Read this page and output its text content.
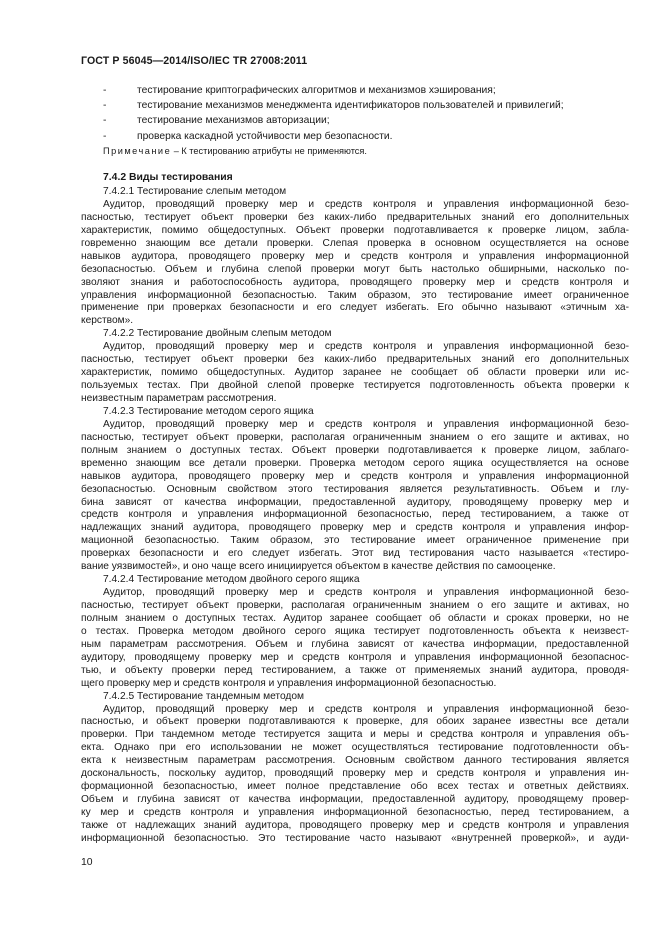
ГОСТ Р 56045—2014/ISO/IEC TR 27008:2011
-	тестирование криптографических алгоритмов и механизмов хэширования;
-	тестирование механизмов менеджмента идентификаторов пользователей и привилегий;
-	тестирование механизмов авторизации;
-	проверка каскадной устойчивости мер безопасности.
Примечание – К тестированию атрибуты не применяются.
7.4.2 Виды тестирования
7.4.2.1 Тестирование слепым методом
Аудитор, проводящий проверку мер и средств контроля и управления информационной безо-
пасностью, тестирует объект проверки без каких-либо предварительных знаний его дополнительных
характеристик, помимо общедоступных. Объект проверки подготавливается к проверке лицом, забла-
говременно знающим все детали проверки. Слепая проверка в основном осуществляется на основе
навыков аудитора, проводящего проверку мер и средств контроля и управления информационной
безопасностью. Объем и глубина слепой проверки могут быть настолько обширными, насколько по-
зволяют знания и работоспособность аудитора, проводящего проверку мер и средств контроля и
управления информационной безопасностью. Таким образом, это тестирование имеет ограниченное
применение при проверках безопасности и его следует избегать. Его обычно называют «этичным ха-
керством».
7.4.2.2 Тестирование двойным слепым методом
Аудитор, проводящий проверку мер и средств контроля и управления информационной безо-
пасностью, тестирует объект проверки без каких-либо предварительных знаний его дополнительных
характеристик, помимо общедоступных. Аудитор заранее не сообщает об области проверки или ис-
пользуемых тестах. При двойной слепой проверке тестируется подготовленность объекта проверки к
неизвестным параметрам рассмотрения.
7.4.2.3 Тестирование методом серого ящика
Аудитор, проводящий проверку мер и средств контроля и управления информационной безо-
пасностью, тестирует объект проверки, располагая ограниченным знанием о его защите и активах, но
полным знанием о доступных тестах. Объект проверки подготавливается к проверке лицом, заблаго-
временно знающим все детали проверки. Проверка методом серого ящика осуществляется на основе
навыков аудитора, проводящего проверку мер и средств контроля и управления информационной
безопасностью. Основным свойством этого тестирования является результативность. Объем и глу-
бина зависят от качества информации, предоставленной аудитору, проводящему проверку мер и
средств контроля и управления информационной безопасностью, перед тестированием, а также от
надлежащих знаний аудитора, проводящего проверку мер и средств контроля и управления инфор-
мационной безопасностью. Таким образом, это тестирование имеет ограниченное применение при
проверках безопасности и его следует избегать. Этот вид тестирования часто называется «тестиро-
вание уязвимостей», и оно чаще всего инициируется объектом в качестве действия по самооценке.
7.4.2.4 Тестирование методом двойного серого ящика
Аудитор, проводящий проверку мер и средств контроля и управления информационной безо-
пасностью, тестирует объект проверки, располагая ограниченным знанием о его защите и активах, но
полным знанием о доступных тестах. Аудитор заранее сообщает об области и сроках проверки, но не
о тестах. Проверка методом двойного серого ящика тестирует подготовленность объекта к неизвест-
ным параметрам рассмотрения. Объем и глубина зависят от качества информации, предоставленной
аудитору, проводящему проверку мер и средств контроля и управления информационной безопаснос-
тью, и объекту проверки перед тестированием, а также от применяемых знаний аудитора, проводя-
щего проверку мер и средств контроля и управления информационной безопасностью.
7.4.2.5 Тестирование тандемным методом
Аудитор, проводящий проверку мер и средств контроля и управления информационной безо-
пасностью, и объект проверки подготавливаются к проверке, для обоих заранее известны все детали
проверки. При тандемном методе тестируется защита и меры и средства контроля и управления объ-
екта. Однако при его использовании не может осуществляться тестирование подготовленности объ-
екта к неизвестным параметрам рассмотрения. Основным свойством данного тестирования является
доскональность, поскольку аудитор, проводящий проверку мер и средств контроля и управления ин-
формационной безопасностью, имеет полное представление обо всех тестах и ответных действиях.
Объем и глубина зависят от качества информации, предоставленной аудитору, проводящему провер-
ку мер и средств контроля и управления информационной безопасностью, перед тестированием, а
также от надлежащих знаний аудитора, проводящего проверку мер и средств контроля и управления
информационной безопасностью. Это тестирование часто называют «внутренней проверкой», и ауди-
10
